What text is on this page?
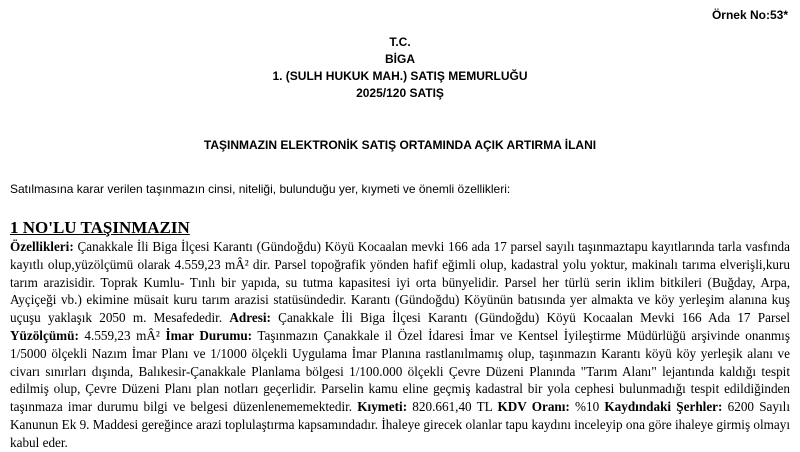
Örnek No:53*
T.C.
BİGA
1. (SULH HUKUK MAH.) SATIŞ MEMURLUĞU
2025/120 SATIŞ
TAŞINMAZIN ELEKTRONİK SATIŞ ORTAMINDA AÇIK ARTIRMA İLANI
Satılmasına karar verilen taşınmazın cinsi, niteliği, bulunduğu yer, kıymeti ve önemli özellikleri:
1 NO'LU TAŞINMAZIN

Özellikleri: Çanakkale İli Biga İlçesi Karantı (Gündoğdu) Köyü Kocaalan mevki 166 ada 17 parsel sayılı taşınmaztapu kayıtlarında tarla vasfında kayıtlı olup,yüzölçümü olarak 4.559,23 mÂ² dir. Parsel topoğrafik yönden hafif eğimli olup, kadastral yolu yoktur, makinalı tarıma elverişli,kuru tarım arazisidir. Toprak Kumlu- Tınlı bir yapıda, su tutma kapasitesi iyi orta bünyelidir. Parsel her türlü serin iklim bitkileri (Buğday, Arpa, Ayçiçeği vb.) ekimine müsait kuru tarım arazisi statüsündedir. Karantı (Gündoğdu) Köyünün batısında yer almakta ve köy yerleşim alanına kuş uçuşu yaklaşık 2050 m. Mesafededir. Adresi: Çanakkale İli Biga İlçesi Karantı (Gündoğdu) Köyü Kocaalan Mevki 166 Ada 17 Parsel Yüzölçümü: 4.559,23 mÂ² İmar Durumu: Taşınmazın Çanakkale il Özel İdaresi İmar ve Kentsel İyileştirme Müdürlüğü arşivinde onanmış 1/5000 ölçekli Nazım İmar Planı ve 1/1000 ölçekli Uygulama İmar Planına rastlanılmamış olup, taşınmazın Karantı köyü köy yerleşik alanı ve civarı sınırları dışında, Balıkesir-Çanakkale Planlama bölgesi 1/100.000 ölçekli Çevre Düzeni Planında "Tarım Alanı" lejantında kaldığı tespit edilmiş olup, Çevre Düzeni Planı plan notları geçerlidir. Parselin kamu eline geçmiş kadastral bir yola cephesi bulunmadığı tespit edildiğinden taşınmaza imar durumu bilgi ve belgesi düzenlenememektedir. Kıymeti: 820.661,40 TL KDV Oranı: %10 Kaydındaki Şerhler: 6200 Sayılı Kanunun Ek 9. Maddesi gereğince arazi toplulaştırma kapsamındadır. İhaleye girecek olanlar tapu kaydını inceleyip ona göre ihaleye girmiş olmayı kabul eder.
